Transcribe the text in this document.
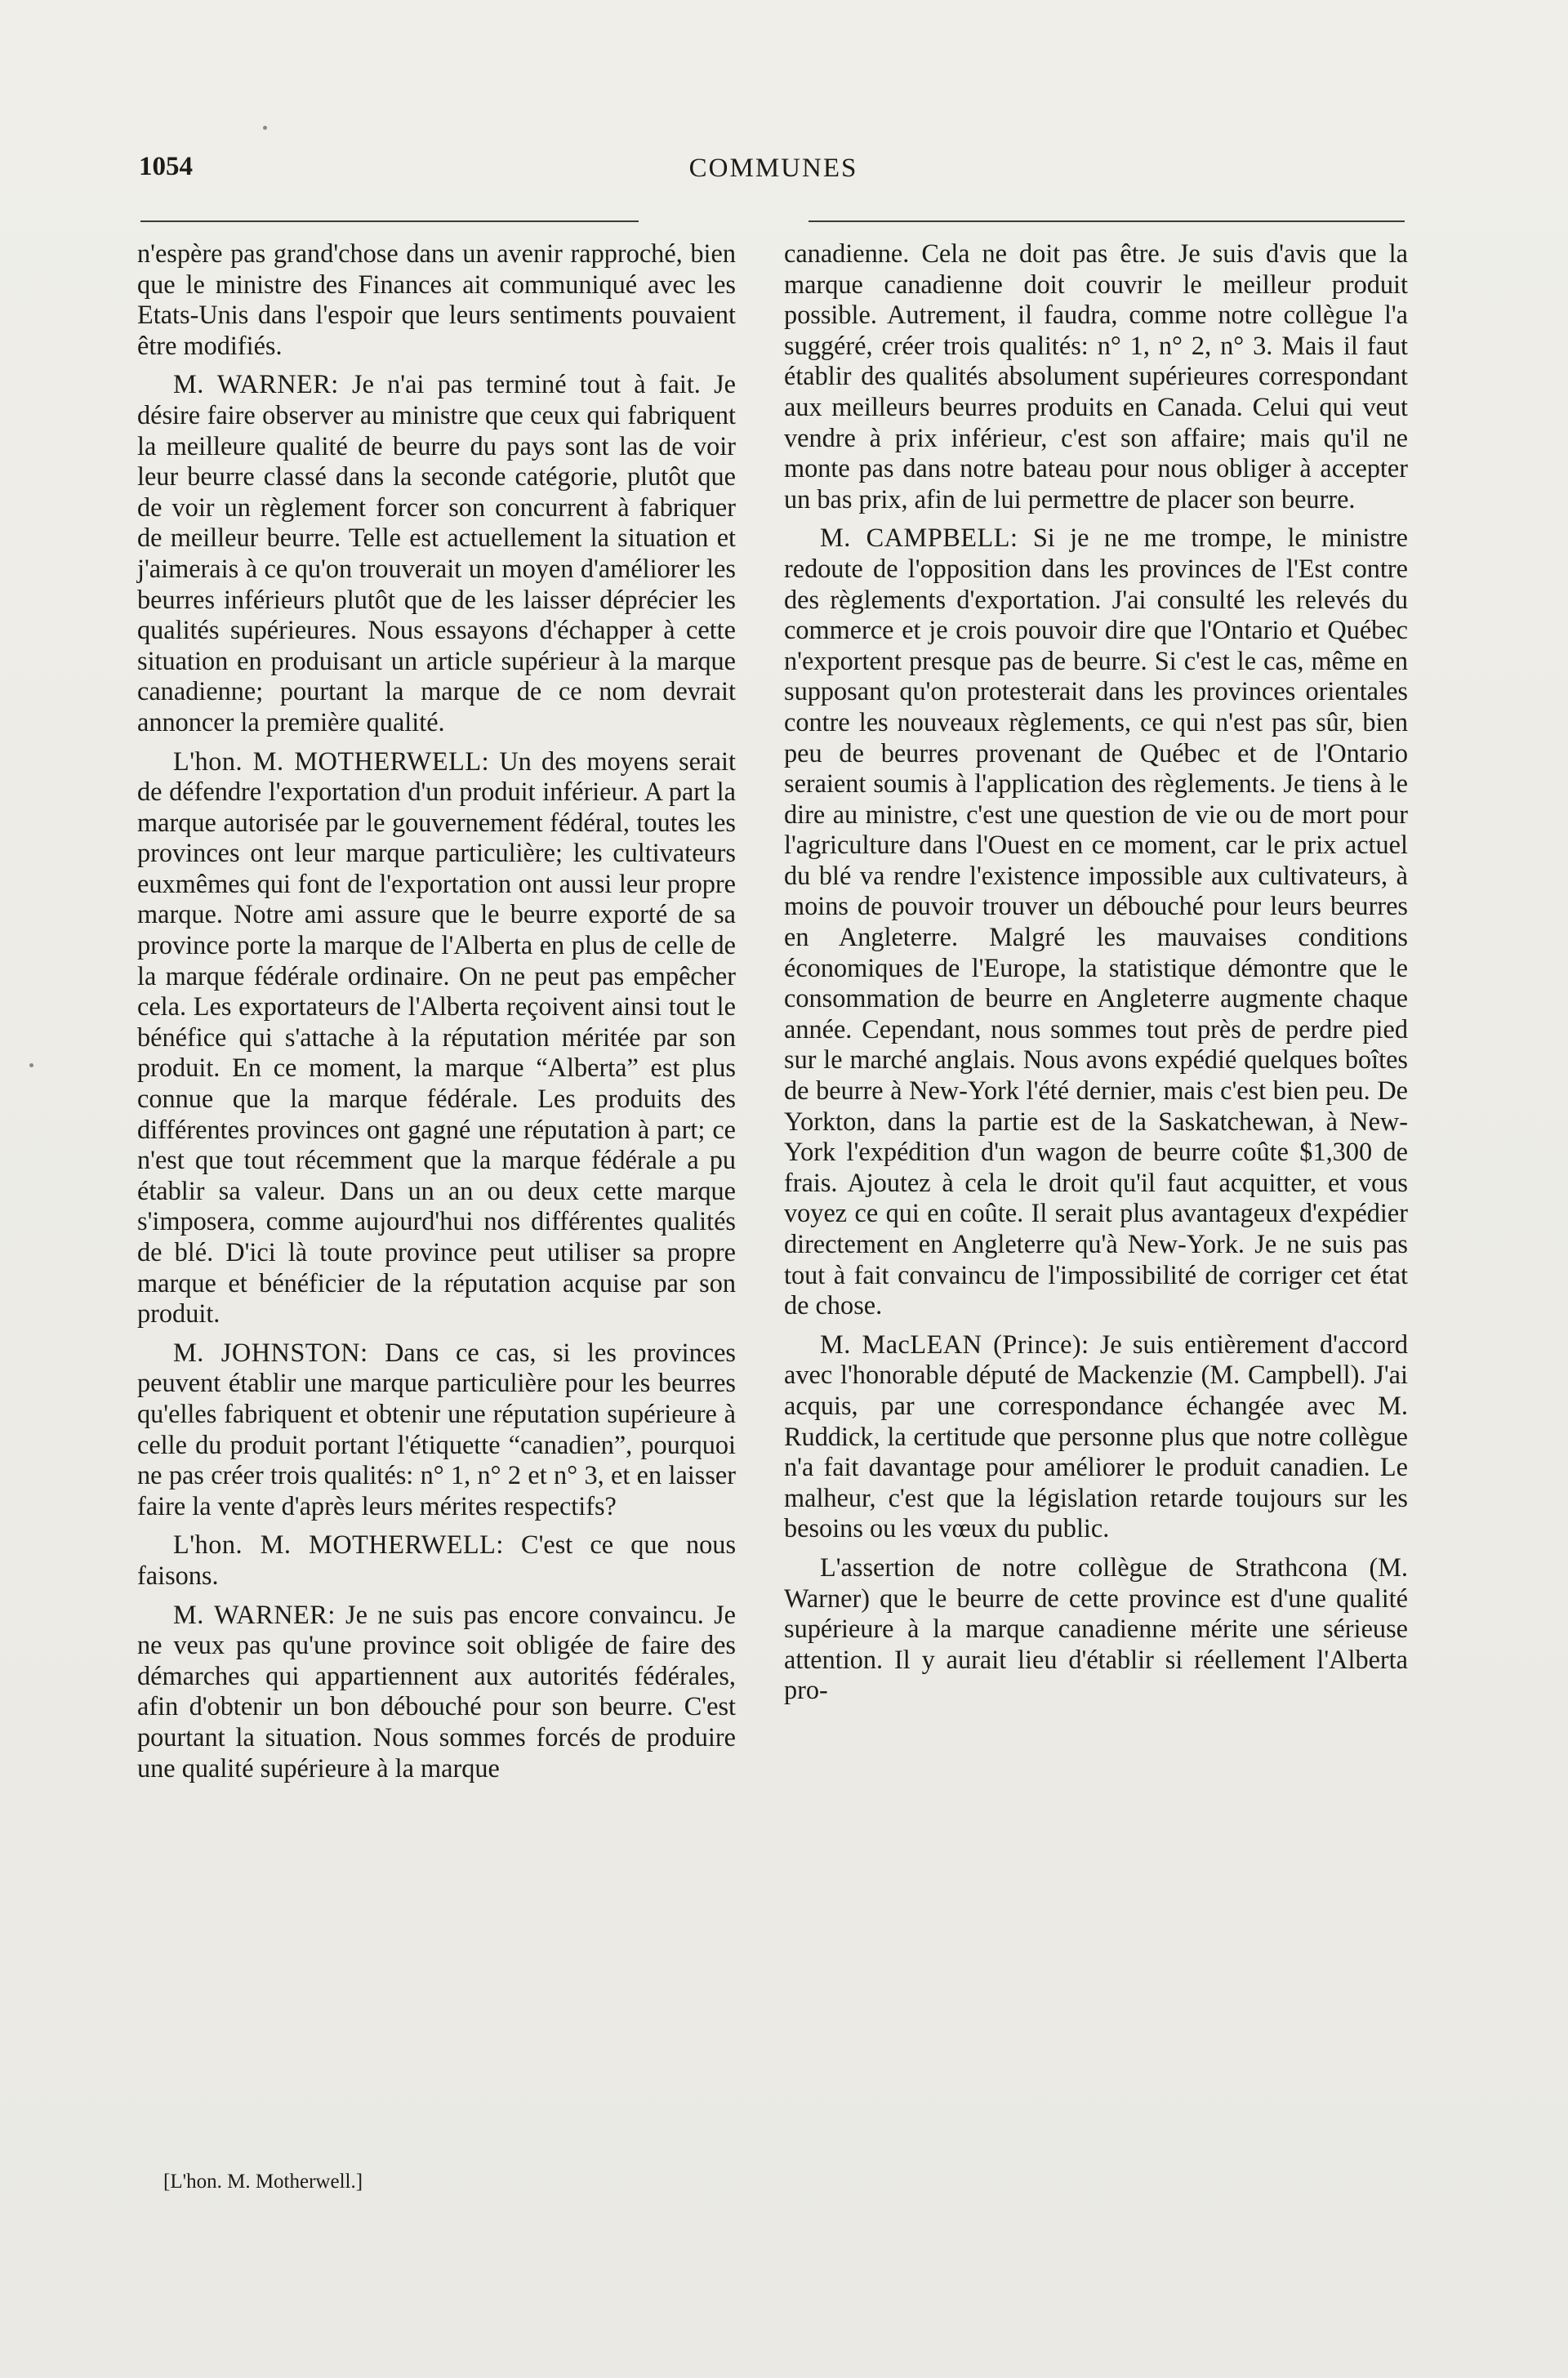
1054	COMMUNES

n'espère pas grand'chose dans un avenir rapproché, bien que le ministre des Finances ait communiqué avec les Etats-Unis dans l'espoir que leurs sentiments pouvaient être modifiés.

M. WARNER: Je n'ai pas terminé tout à fait. Je désire faire observer au ministre que ceux qui fabriquent la meilleure qualité de beurre du pays sont las de voir leur beurre classé dans la seconde catégorie, plutôt que de voir un règlement forcer son concurrent à fabriquer de meilleur beurre. Telle est actuellement la situation et j'aimerais à ce qu'on trouverait un moyen d'améliorer les beurres inférieurs plutôt que de les laisser déprécier les qualités supérieures. Nous essayons d'échapper à cette situation en produisant un article supérieur à la marque canadienne; pourtant la marque de ce nom devrait annoncer la première qualité.

L'hon. M. MOTHERWELL: Un des moyens serait de défendre l'exportation d'un produit inférieur. A part la marque autorisée par le gouvernement fédéral, toutes les provinces ont leur marque particulière; les cultivateurs euxmêmes qui font de l'exportation ont aussi leur propre marque. Notre ami assure que le beurre exporté de sa province porte la marque de l'Alberta en plus de celle de la marque fédérale ordinaire. On ne peut pas empêcher cela. Les exportateurs de l'Alberta reçoivent ainsi tout le bénéfice qui s'attache à la réputation méritée par son produit. En ce moment, la marque “Alberta” est plus connue que la marque fédérale. Les produits des différentes provinces ont gagné une réputation à part; ce n'est que tout récemment que la marque fédérale a pu établir sa valeur. Dans un an ou deux cette marque s'imposera, comme aujourd'hui nos différentes qualités de blé. D'ici là toute province peut utiliser sa propre marque et bénéficier de la réputation acquise par son produit.

M. JOHNSTON: Dans ce cas, si les provinces peuvent établir une marque particulière pour les beurres qu'elles fabriquent et obtenir une réputation supérieure à celle du produit portant l'étiquette “canadien”, pourquoi ne pas créer trois qualités: n° 1, n° 2 et n° 3, et en laisser faire la vente d'après leurs mérites respectifs?

L'hon. M. MOTHERWELL: C'est ce que nous faisons.

M. WARNER: Je ne suis pas encore convaincu. Je ne veux pas qu'une province soit obligée de faire des démarches qui appartiennent aux autorités fédérales, afin d'obtenir un bon débouché pour son beurre. C'est pourtant la situation. Nous sommes forcés de produire une qualité supérieure à la marque

canadienne. Cela ne doit pas être. Je suis d'avis que la marque canadienne doit couvrir le meilleur produit possible. Autrement, il faudra, comme notre collègue l'a suggéré, créer trois qualités: n° 1, n° 2, n° 3. Mais il faut établir des qualités absolument supérieures correspondant aux meilleurs beurres produits en Canada. Celui qui veut vendre à prix inférieur, c'est son affaire; mais qu'il ne monte pas dans notre bateau pour nous obliger à accepter un bas prix, afin de lui permettre de placer son beurre.

M. CAMPBELL: Si je ne me trompe, le ministre redoute de l'opposition dans les provinces de l'Est contre des règlements d'exportation. J'ai consulté les relevés du commerce et je crois pouvoir dire que l'Ontario et Québec n'exportent presque pas de beurre. Si c'est le cas, même en supposant qu'on protesterait dans les provinces orientales contre les nouveaux règlements, ce qui n'est pas sûr, bien peu de beurres provenant de Québec et de l'Ontario seraient soumis à l'application des règlements. Je tiens à le dire au ministre, c'est une question de vie ou de mort pour l'agriculture dans l'Ouest en ce moment, car le prix actuel du blé va rendre l'existence impossible aux cultivateurs, à moins de pouvoir trouver un débouché pour leurs beurres en Angleterre. Malgré les mauvaises conditions économiques de l'Europe, la statistique démontre que le consommation de beurre en Angleterre augmente chaque année. Cependant, nous sommes tout près de perdre pied sur le marché anglais. Nous avons expédié quelques boîtes de beurre à New-York l'été dernier, mais c'est bien peu. De Yorkton, dans la partie est de la Saskatchewan, à New-York l'expédition d'un wagon de beurre coûte $1,300 de frais. Ajoutez à cela le droit qu'il faut acquitter, et vous voyez ce qui en coûte. Il serait plus avantageux d'expédier directement en Angleterre qu'à New-York. Je ne suis pas tout à fait convaincu de l'impossibilité de corriger cet état de chose.

M. MacLEAN (Prince): Je suis entièrement d'accord avec l'honorable député de Mackenzie (M. Campbell). J'ai acquis, par une correspondance échangée avec M. Ruddick, la certitude que personne plus que notre collègue n'a fait davantage pour améliorer le produit canadien. Le malheur, c'est que la législation retarde toujours sur les besoins ou les vœux du public.

L'assertion de notre collègue de Strathcona (M. Warner) que le beurre de cette province est d'une qualité supérieure à la marque canadienne mérite une sérieuse attention. Il y aurait lieu d'établir si réellement l'Alberta pro-

[L'hon. M. Motherwell.]
